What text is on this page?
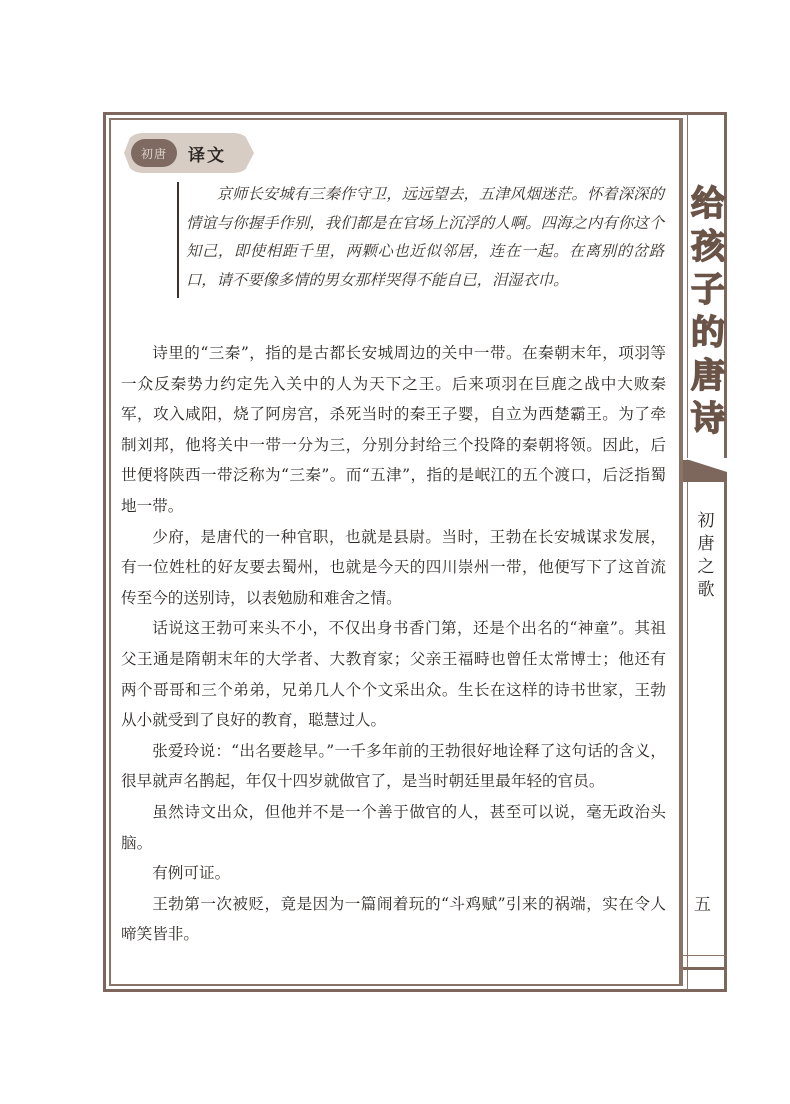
初唐	译文

京师长安城有三秦作守卫，远远望去，五津风烟迷茫。怀着深深的情谊与你握手作别，我们都是在官场上沉浮的人啊。四海之内有你这个知己，即使相距千里，两颗心也近似邻居，连在一起。在离别的岔路口，请不要像多情的男女那样哭得不能自已，泪湿衣巾。

诗里的“三秦”，指的是古都长安城周边的关中一带。在秦朝末年，项羽等一众反秦势力约定先入关中的人为天下之王。后来项羽在巨鹿之战中大败秦军，攻入咸阳，烧了阿房宫，杀死当时的秦王子婴，自立为西楚霸王。为了牵制刘邦，他将关中一带一分为三，分别分封给三个投降的秦朝将领。因此，后世便将陕西一带泛称为“三秦”。而“五津”，指的是岷江的五个渡口，后泛指蜀地一带。

少府，是唐代的一种官职，也就是县尉。当时，王勃在长安城谋求发展，有一位姓杜的好友要去蜀州，也就是今天的四川崇州一带，他便写下了这首流传至今的送别诗，以表勉励和难舍之情。

话说这王勃可来头不小，不仅出身书香门第，还是个出名的“神童”。其祖父王通是隋朝末年的大学者、大教育家；父亲王福畤也曾任太常博士；他还有两个哥哥和三个弟弟，兄弟几人个个文采出众。生长在这样的诗书世家，王勃从小就受到了良好的教育，聪慧过人。

张爱玲说：“出名要趁早。”一千多年前的王勃很好地诠释了这句话的含义，很早就声名鹊起，年仅十四岁就做官了，是当时朝廷里最年轻的官员。

虽然诗文出众，但他并不是一个善于做官的人，甚至可以说，毫无政治头脑。

有例可证。

王勃第一次被贬，竟是因为一篇闹着玩的“斗鸡赋”引来的祸端，实在令人啼笑皆非。

给
孩
子
的
唐
诗
初
唐
之
歌
五
